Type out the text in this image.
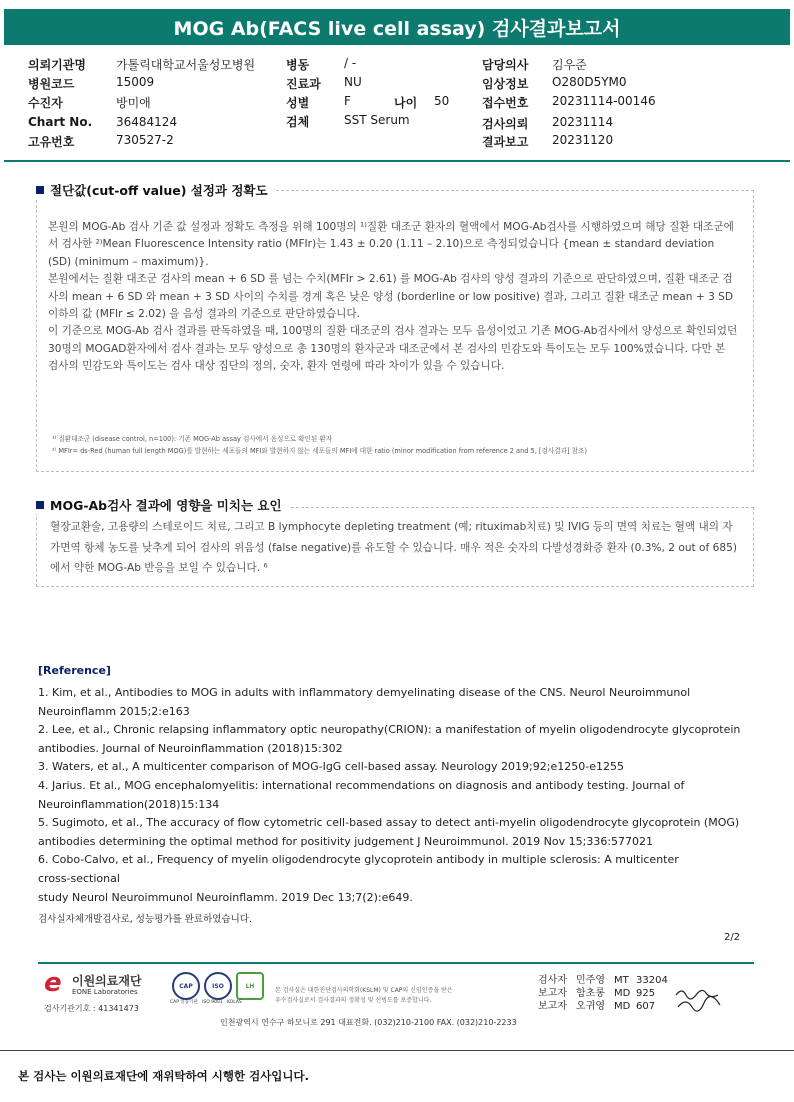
MOG Ab(FACS live cell assay) 검사결과보고서
의뢰기관명	가톨릭대학교서울성모병원
병원코드	15009
수진자	방미애
Chart No. 36484124
고유번호	730527-2
병동	/ -
진료과 NU
성별	F	나이 50
검체	SST Serum
담당의사 김우준
임상정보 O280D5YM0
접수번호 20231114-00146
검사의뢰 20231114
결과보고 20231120
절단값(cut-off value) 설정과 정확도

본원의 MOG-Ab 검사 기준 값 설정과 정확도 측정을 위해 100명의 ¹⁾질환 대조군 환자의 혈액에서 MOG-Ab검사를 시행하였으며 해당 질환 대조군에서 검사한 ²⁾Mean Fluorescence Intensity ratio (MFIr)는 1.43 ± 0.20 (1.11 – 2.10)으로 측정되었습니다 {mean ± standard deviation (SD) (minimum – maximum)}.

본원에서는 질환 대조군 검사의 mean + 6 SD 를 넘는 수치(MFIr > 2.61) 를 MOG-Ab 검사의 양성 결과의 기준으로 판단하였으며, 질환 대조군 검사의 mean + 6 SD 와 mean + 3 SD 사이의 수치를 경계 혹은 낮은 양성 (borderline or low positive) 결과, 그리고 질환 대조군 mean + 3 SD 이하의 값 (MFIr ≤ 2.02) 을 음성 결과의 기준으로 판단하였습니다.

이 기준으로 MOG-Ab 검사 결과를 판독하였을 때, 100명의 질환 대조군의 검사 결과는 모두 음성이었고 기존 MOG-Ab검사에서 양성으로 확인되었던 30명의 MOGAD환자에서 검사 결과는 모두 양성으로 총 130명의 환자군과 대조군에서 본 검사의 민감도와 특이도는 모두 100%였습니다. 다만 본 검사의 민감도와 특이도는 검사 대상 집단의 정의, 숫자, 환자 연령에 따라 차이가 있을 수 있습니다.

¹⁾ 질환대조군 (disease control, n=100): 기존 MOG-Ab assay 검사에서 음성으로 확인된 환자
²⁾ MFIr= ds-Red (human full length MOG)를 발현하는 세포들의 MFI와 발현하지 않는 세포들의 MFI에 대한 ratio (minor modification from reference 2 and 5, [검사결과] 참조)
MOG-Ab검사 결과에 영향을 미치는 요인
혈장교환술, 고용량의 스테로이드 치료, 그리고 B lymphocyte depleting treatment (예; rituximab치료) 및 IVIG 등의 면역 치료는 혈액 내의 자가면역 항체 농도를 낮추게 되어 검사의 위음성 (false negative)를 유도할 수 있습니다. 매우 적은 숫자의 다발성경화증 환자 (0.3%, 2 out of 685)에서 약한 MOG-Ab 반응을 보일 수 있습니다. ⁶
[Reference]
1. Kim, et al., Antibodies to MOG in adults with inflammatory demyelinating disease of the CNS. Neurol Neuroimmunol
Neuroinflamm 2015;2:e163
2. Lee, et al., Chronic relapsing inflammatory optic neuropathy(CRION): a manifestation of myelin oligodendrocyte glycoprotein
antibodies. Journal of Neuroinflammation (2018)15:302
3. Waters, et al., A multicenter comparison of MOG-IgG cell-based assay. Neurology 2019;92;e1250-e1255
4. Jarius. Et al., MOG encephalomyelitis: international recommendations on diagnosis and antibody testing. Journal of
Neuroinflammation(2018)15:134
5. Sugimoto, et al., The accuracy of flow cytometric cell-based assay to detect anti-myelin oligodendrocyte glycoprotein (MOG)
antibodies determining the optimal method for positivity judgement J Neuroimmunol. 2019 Nov 15;336:577021
6. Cobo-Calvo, et al., Frequency of myelin oligodendrocyte glycoprotein antibody in multiple sclerosis: A multicenter
cross-sectional
study Neurol Neuroimmunol Neuroinflamm. 2019 Dec 13;7(2):e649.
검사실자체개발검사로, 성능평가를 완료하였습니다.
2/2
e 이원의료재단
EONE Laboratories
검사기관기호 : 41341473
CAP	ISO	LH
CAP 인증기관 ISO 9001 KOLAS
본 검사실은 대한진단검사의학회(KSLM) 및 CAP의 신임인증을 받은
우수검사실로서 검사결과의 정확성 및 신빙도를 보증합니다.
검사자 민주영 MT 33204
보고자 함초롱 MD 925
보고자 오귀영 MD 607
인천광역시 연수구 하모니로 291 대표전화. (032)210-2100 FAX. (032)210-2233
본 검사는 이원의료재단에 재위탁하여 시행한 검사입니다.
